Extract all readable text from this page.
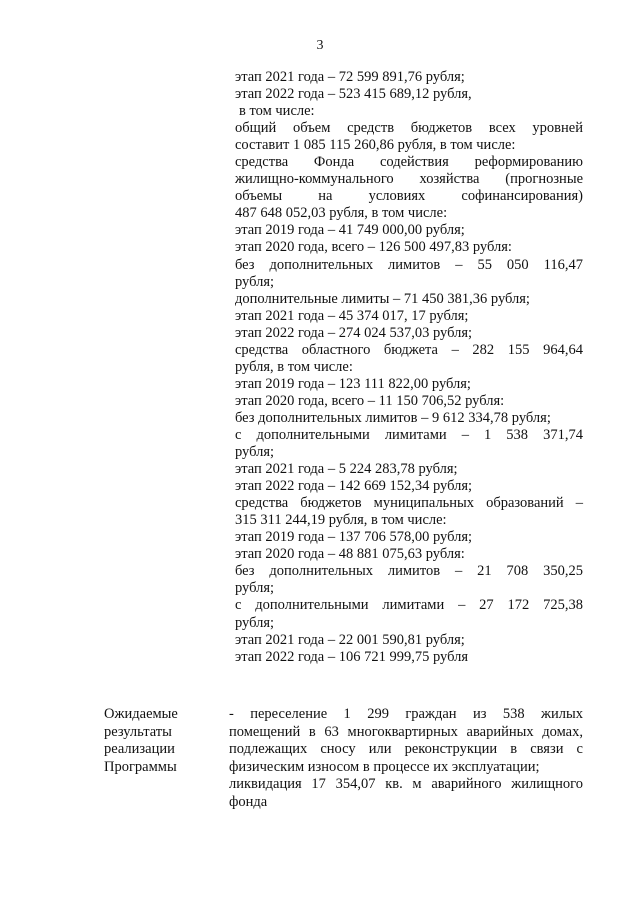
3
этап 2021 года – 72 599 891,76 рубля;
этап 2022 года – 523 415 689,12 рубля,
в том числе:
общий объем средств бюджетов всех уровней
составит 1 085 115 260,86 рубля, в том числе:
средства Фонда содействия реформированию
жилищно-коммунального хозяйства (прогнозные
объемы на условиях софинансирования)
487 648 052,03 рубля, в том числе:
этап 2019 года – 41 749 000,00 рубля;
этап 2020 года, всего – 126 500 497,83 рубля:
без дополнительных лимитов – 55 050 116,47
рубля;
дополнительные лимиты – 71 450 381,36 рубля;
этап 2021 года – 45 374 017, 17 рубля;
этап 2022 года – 274 024 537,03 рубля;
средства областного бюджета – 282 155 964,64
рубля, в том числе:
этап 2019 года – 123 111 822,00 рубля;
этап 2020 года, всего – 11 150 706,52 рубля:
без дополнительных лимитов – 9 612 334,78 рубля;
с дополнительными лимитами – 1 538 371,74
рубля;
этап 2021 года – 5 224 283,78 рубля;
этап 2022 года – 142 669 152,34 рубля;
средства бюджетов муниципальных образований –
315 311 244,19 рубля, в том числе:
этап 2019 года – 137 706 578,00 рубля;
этап 2020 года – 48 881 075,63 рубля:
без дополнительных лимитов – 21 708 350,25
рубля;
с дополнительными лимитами – 27 172 725,38
рубля;
этап 2021 года – 22 001 590,81 рубля;
этап 2022 года – 106 721 999,75 рубля
Ожидаемые
результаты
реализации
Программы
- переселение 1 299 граждан из 538 жилых
помещений в 63 многоквартирных аварийных домах,
подлежащих сносу или реконструкции в связи с
физическим износом в процессе их эксплуатации;
ликвидация 17 354,07 кв. м аварийного жилищного
фонда
